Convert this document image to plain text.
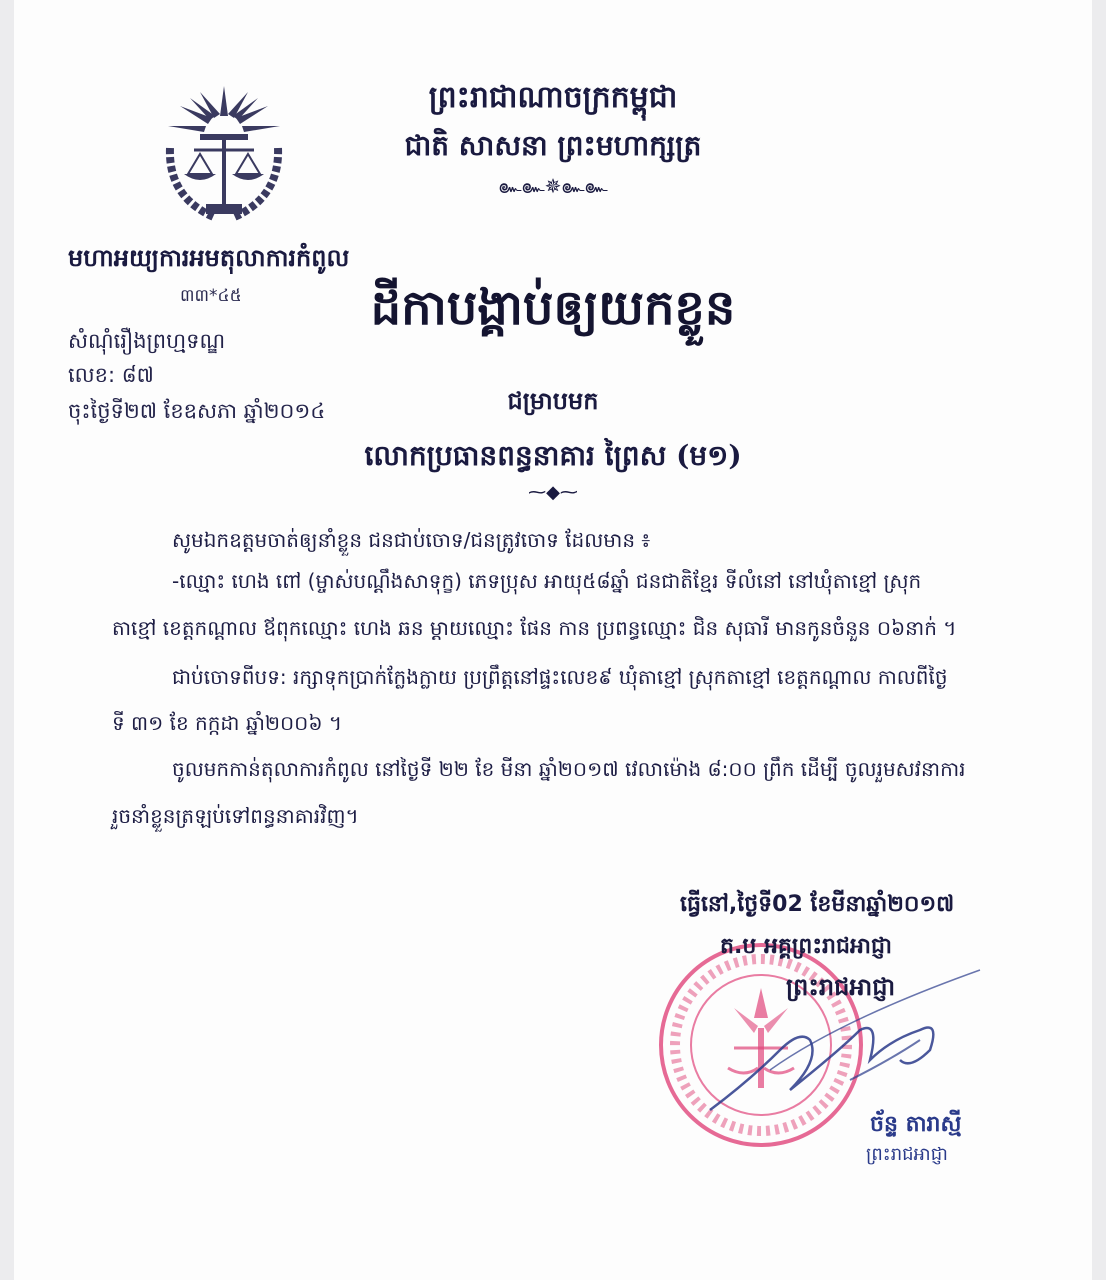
ព្រះរាជាណាចក្រកម្ពុជា
ជាតិ សាសនា ព្រះមហាក្សត្រ
๛๛✵๛๛
មហាអយ្យការអមតុលាការកំពូល
៣៣*៤៥	ដីកាបង្គាប់ឲ្យយកខ្លួន
សំណុំរឿងព្រហ្មទណ្ឌ
លេខ: ៨៧
ចុះថ្ងៃទី២៧ ខែឧសភា ឆ្នាំ២០១៤	ជម្រាបមក
លោកប្រធានពន្ធនាគារ ព្រៃស (ម១)
⁓◆⁓
សូមឯកឧត្តមចាត់ឲ្យនាំខ្លួន ជនជាប់ចោទ/ជនត្រូវចោទ ដែលមាន ៖
-ឈ្មោះ ហេង ពៅ (ម្ចាស់បណ្តឹងសាទុក្ខ) ភេទប្រុស អាយុ៥៨ឆ្នាំ ជនជាតិខ្មែរ ទីលំនៅ នៅឃុំតាខ្មៅ ស្រុក
តាខ្មៅ ខេត្តកណ្តាល ឪពុកឈ្មោះ ហេង ឆន ម្តាយឈ្មោះ ផែន កាន ប្រពន្ធឈ្មោះ ជិន សុធារី មានកូនចំនួន ០៦នាក់ ។
ជាប់ចោទពីបទ: រក្សាទុកប្រាក់ក្លែងក្លាយ ប្រព្រឹត្តនៅផ្ទះលេខ៩ ឃុំតាខ្មៅ ស្រុកតាខ្មៅ ខេត្តកណ្តាល កាលពីថ្ងៃ
ទី ៣១ ខែ កក្កដា ឆ្នាំ២០០៦ ។
ចូលមកកាន់តុលាការកំពូល នៅថ្ងៃទី ២២ ខែ មីនា ឆ្នាំ២០១៧ វេលាម៉ោង ៨:០០ ព្រឹក ដើម្បី ចូលរួមសវនាការ
រួចនាំខ្លួនត្រឡប់ទៅពន្ធនាគារវិញ។
ធ្វើនៅ,ថ្ងៃទី02 ខែមីនាឆ្នាំ២០១៧
ត.ប អគ្គព្រះរាជអាជ្ញា
ព្រះរាជអាជ្ញា
ច័ន្ទ តារាស្មី
ព្រះរាជអាជ្ញា
